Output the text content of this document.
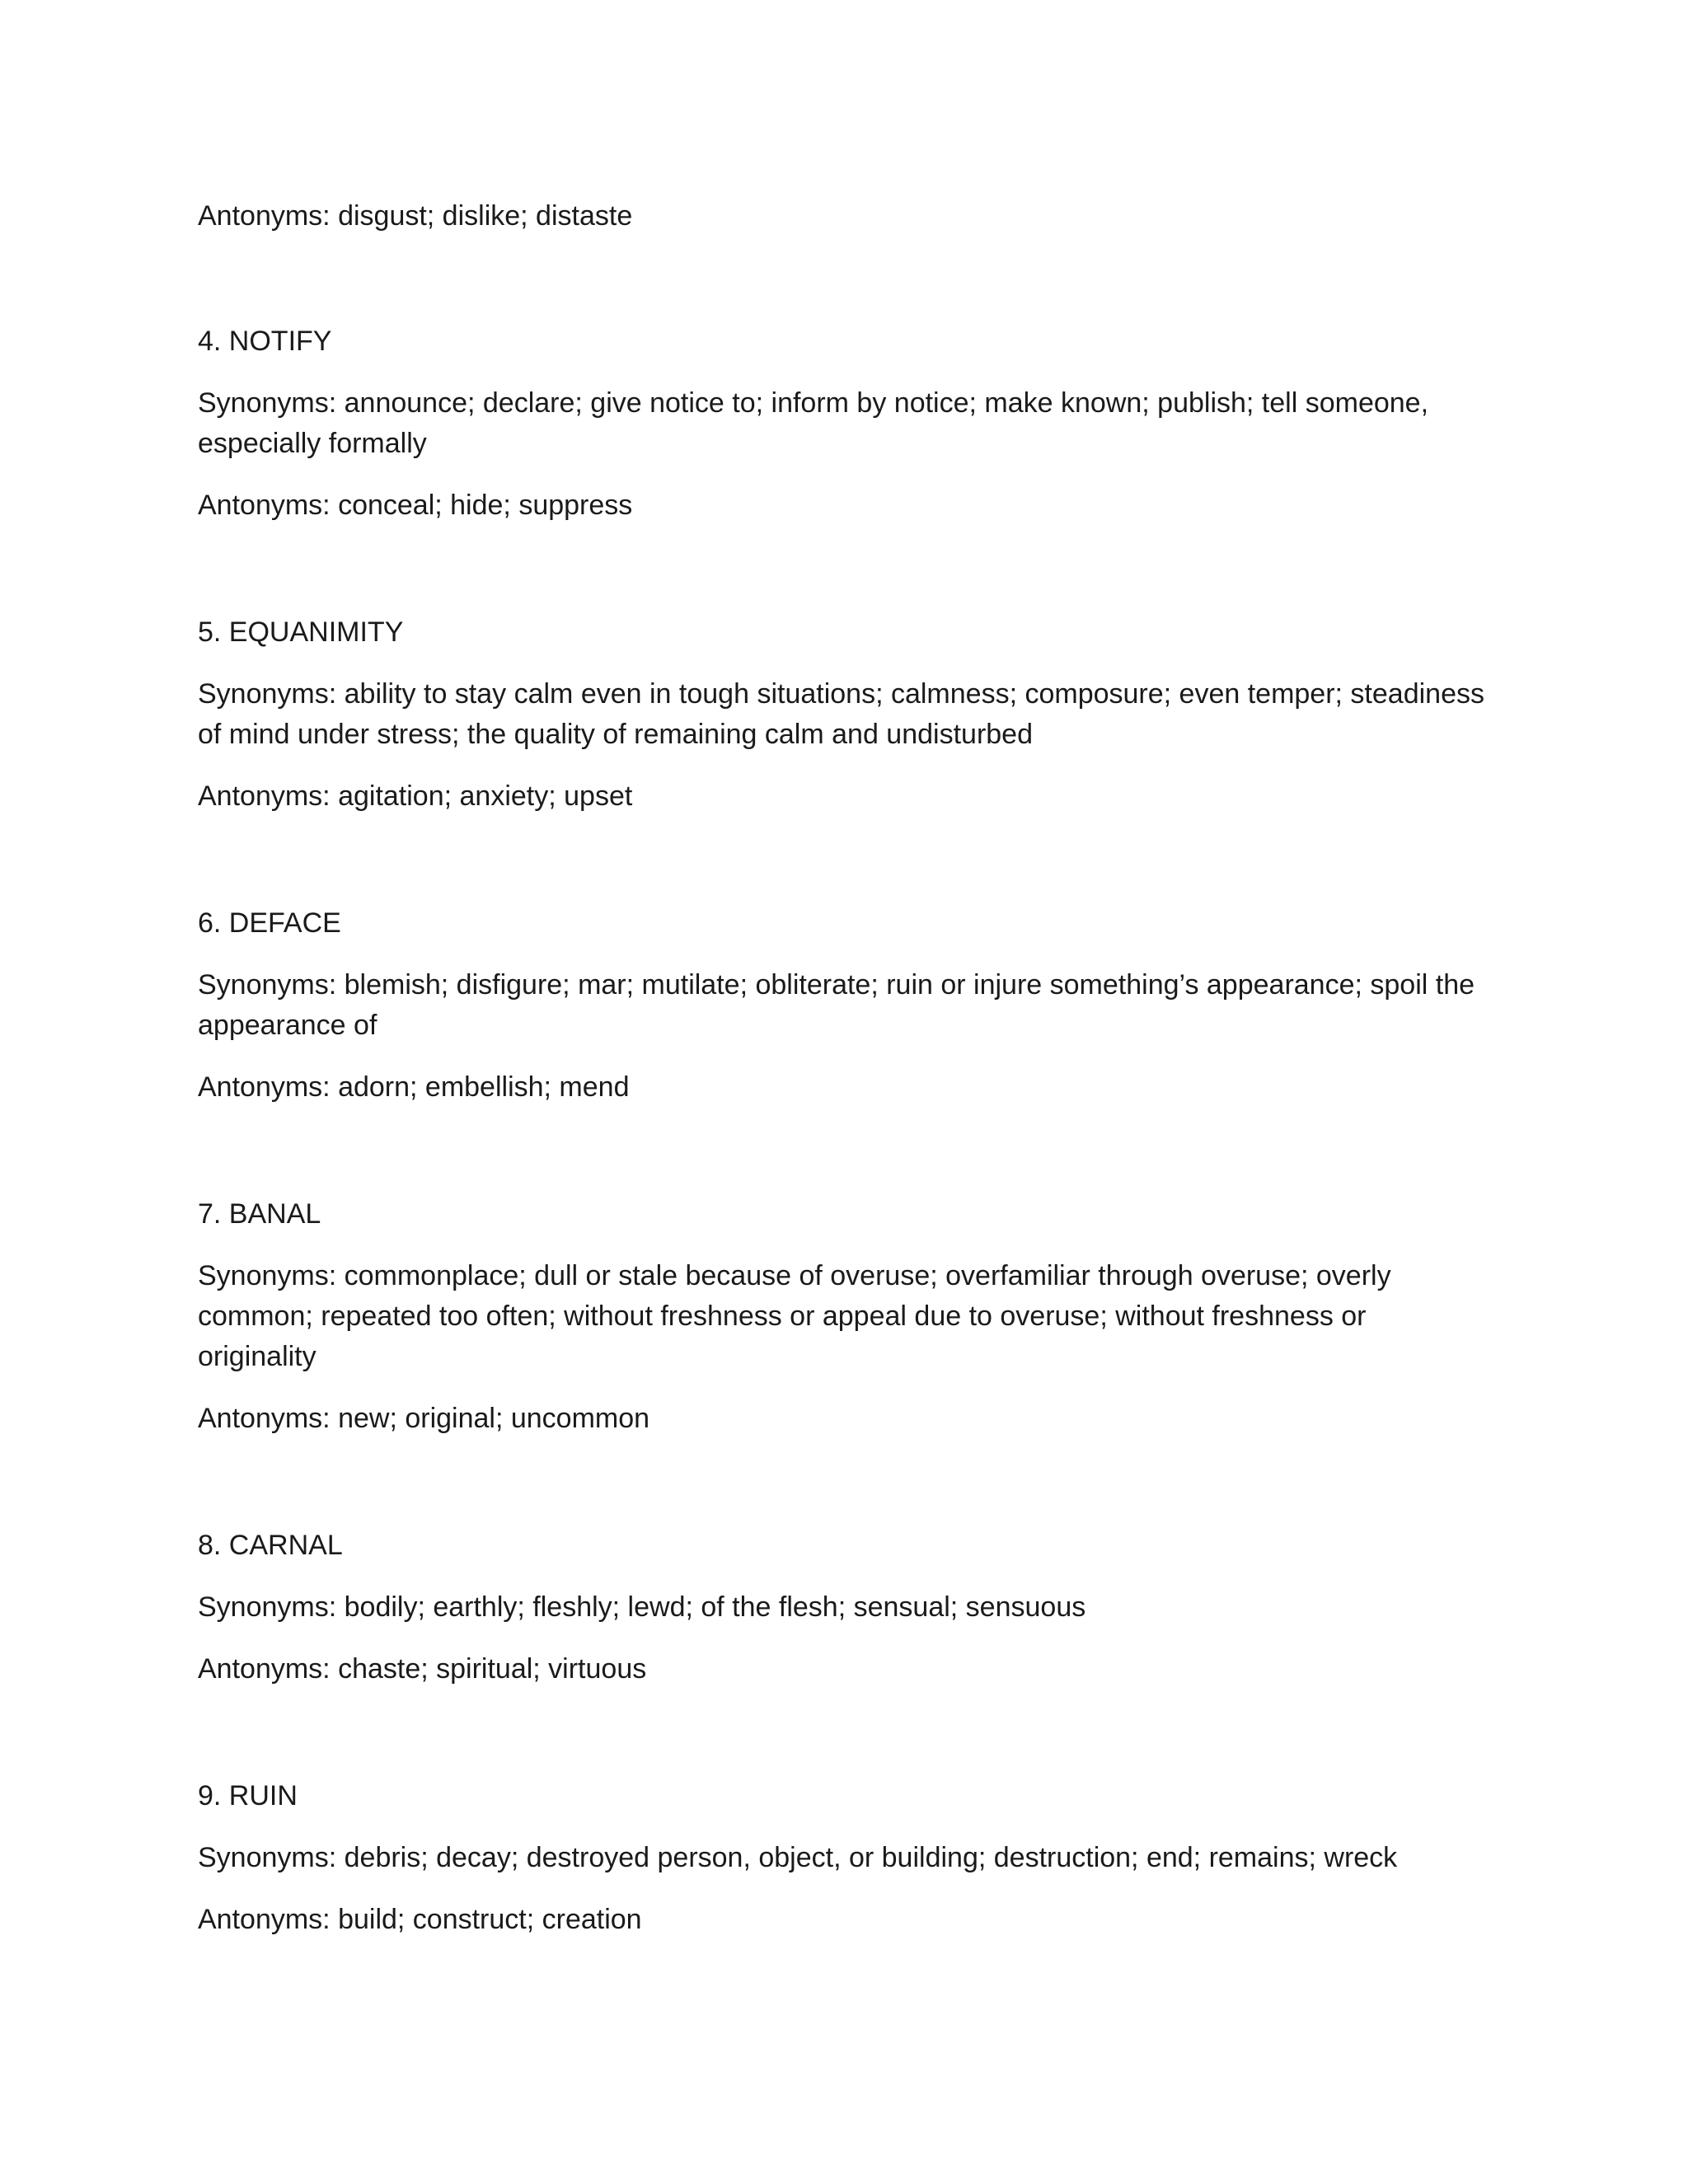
Antonyms: disgust; dislike; distaste

4. NOTIFY

Synonyms: announce; declare; give notice to; inform by notice; make known; publish; tell someone, especially formally

Antonyms: conceal; hide; suppress

5. EQUANIMITY

Synonyms: ability to stay calm even in tough situations; calmness; composure; even temper; steadiness of mind under stress; the quality of remaining calm and undisturbed

Antonyms: agitation; anxiety; upset

6. DEFACE

Synonyms: blemish; disfigure; mar; mutilate; obliterate; ruin or injure something’s appearance; spoil the appearance of

Antonyms: adorn; embellish; mend

7. BANAL

Synonyms: commonplace; dull or stale because of overuse; overfamiliar through overuse; overly common; repeated too often; without freshness or appeal due to overuse; without freshness or originality

Antonyms: new; original; uncommon

8. CARNAL

Synonyms: bodily; earthly; fleshly; lewd; of the flesh; sensual; sensuous

Antonyms: chaste; spiritual; virtuous

9. RUIN

Synonyms: debris; decay; destroyed person, object, or building; destruction; end; remains; wreck

Antonyms: build; construct; creation
